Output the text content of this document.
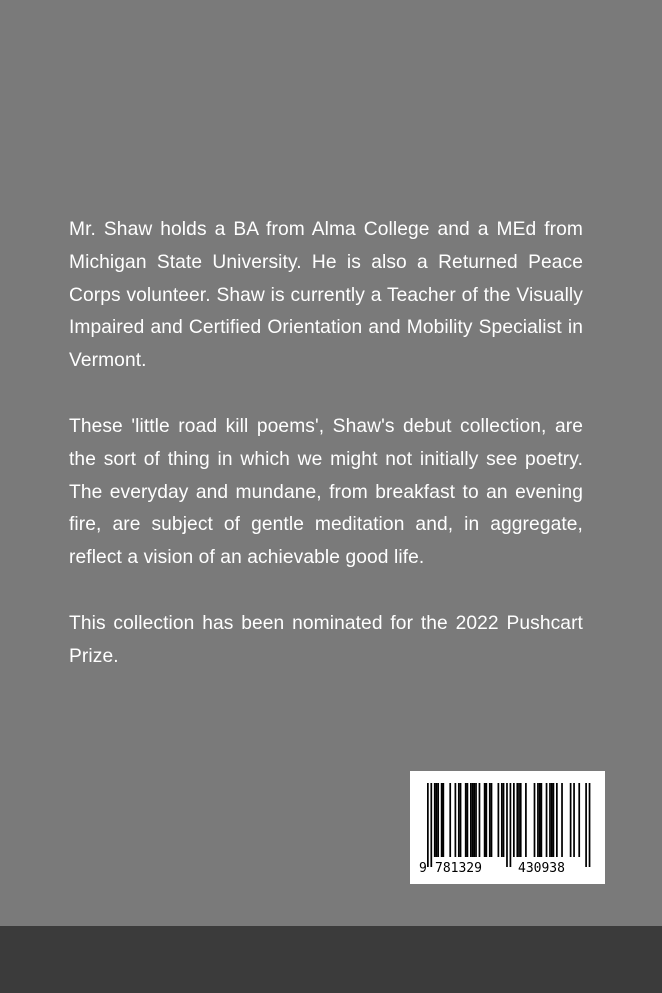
Mr. Shaw holds a BA from Alma College and a MEd from Michigan State University. He is also a Returned Peace Corps volunteer. Shaw is currently a Teacher of the Visually Impaired and Certified Orientation and Mobility Specialist in Vermont.

These 'little road kill poems', Shaw's debut collection, are the sort of thing in which we might not initially see poetry. The everyday and mundane, from breakfast to an evening fire, are subject of gentle meditation and, in aggregate, reflect a vision of an achievable good life.

This collection has been nominated for the 2022 Pushcart Prize.

9 781329	430938
